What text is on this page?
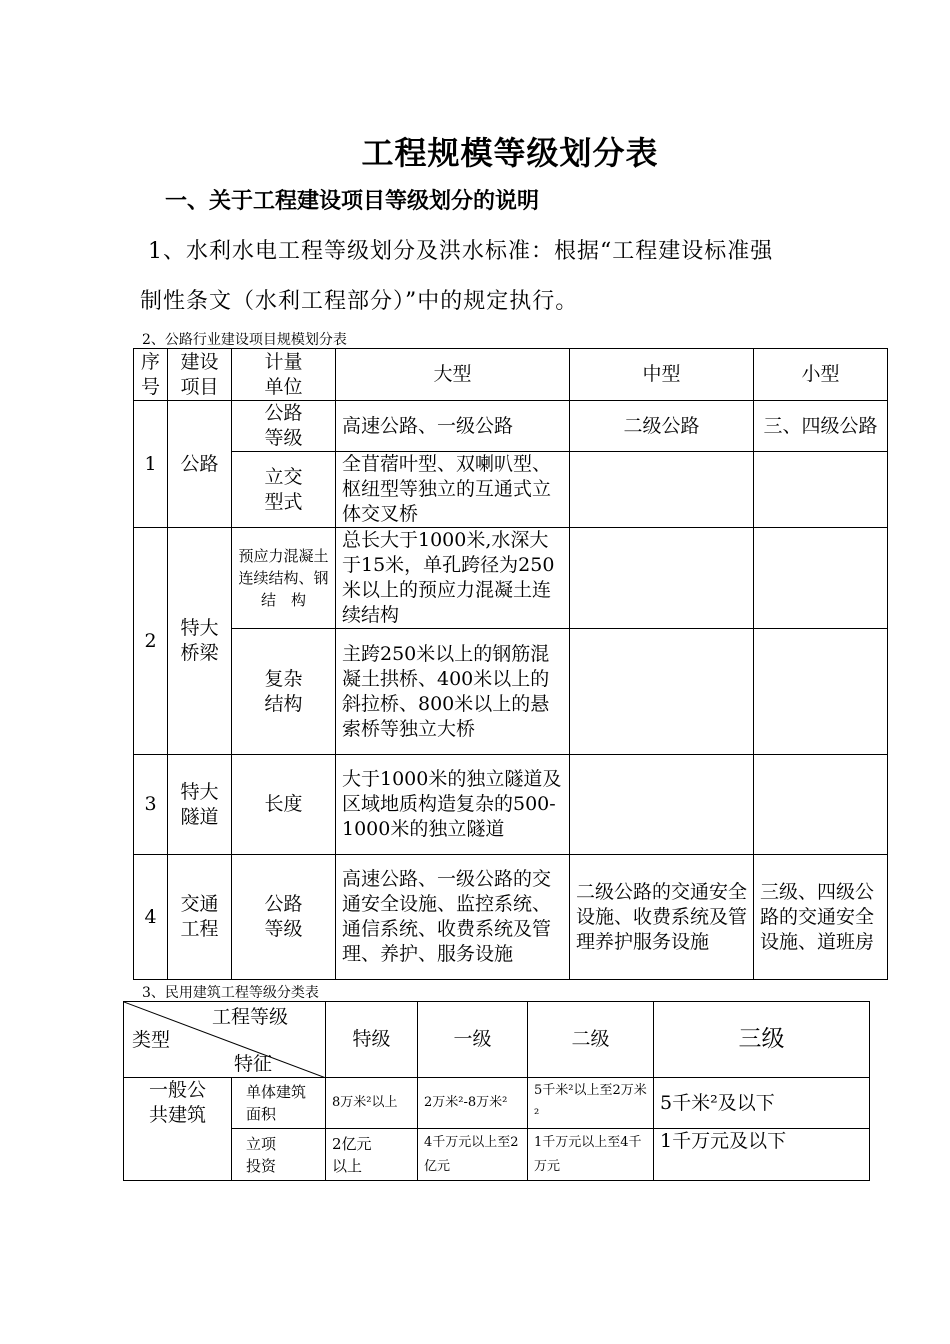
工程规模等级划分表
一、关于工程建设项目等级划分的说明
1、水利水电工程等级划分及洪水标准：根据“工程建设标准强
制性条文（水利工程部分）”中的规定执行。
2、公路行业建设项目规模划分表
序号	建设项目	计量单位	大型	中型	小型
1	公路	公路等级	高速公路、一级公路	二级公路	三、四级公路
		立交型式	全苜蓿叶型、双喇叭型、枢纽型等独立的互通式立体交叉桥		
2	特大桥梁	预应力混凝土连续结构、钢结　构	总长大于1000米,水深大于15米，单孔跨径为250米以上的预应力混凝土连续结构		
		复杂结构	主跨250米以上的钢筋混凝土拱桥、400米以上的斜拉桥、800米以上的悬索桥等独立大桥		
3	特大隧道	长度	大于1000米的独立隧道及区域地质构造复杂的500-1000米的独立隧道		
4	交通工程	公路等级	高速公路、一级公路的交通安全设施、监控系统、通信系统、收费系统及管理、养护、服务设施	二级公路的交通安全设施、收费系统及管理养护服务设施	三级、四级公路的交通安全设施、道班房
3、民用建筑工程等级分类表
工程等级
类型
特征		特级	一级	二级	三级
一般公共建筑	单体建筑面积	8万米²以上	2万米²-8万米²	5千米²以上至2万米²	5千米²及以下
	立项投资	2亿元以上	4千万元以上至2亿元	1千万元以上至4千万元	1千万元及以下
